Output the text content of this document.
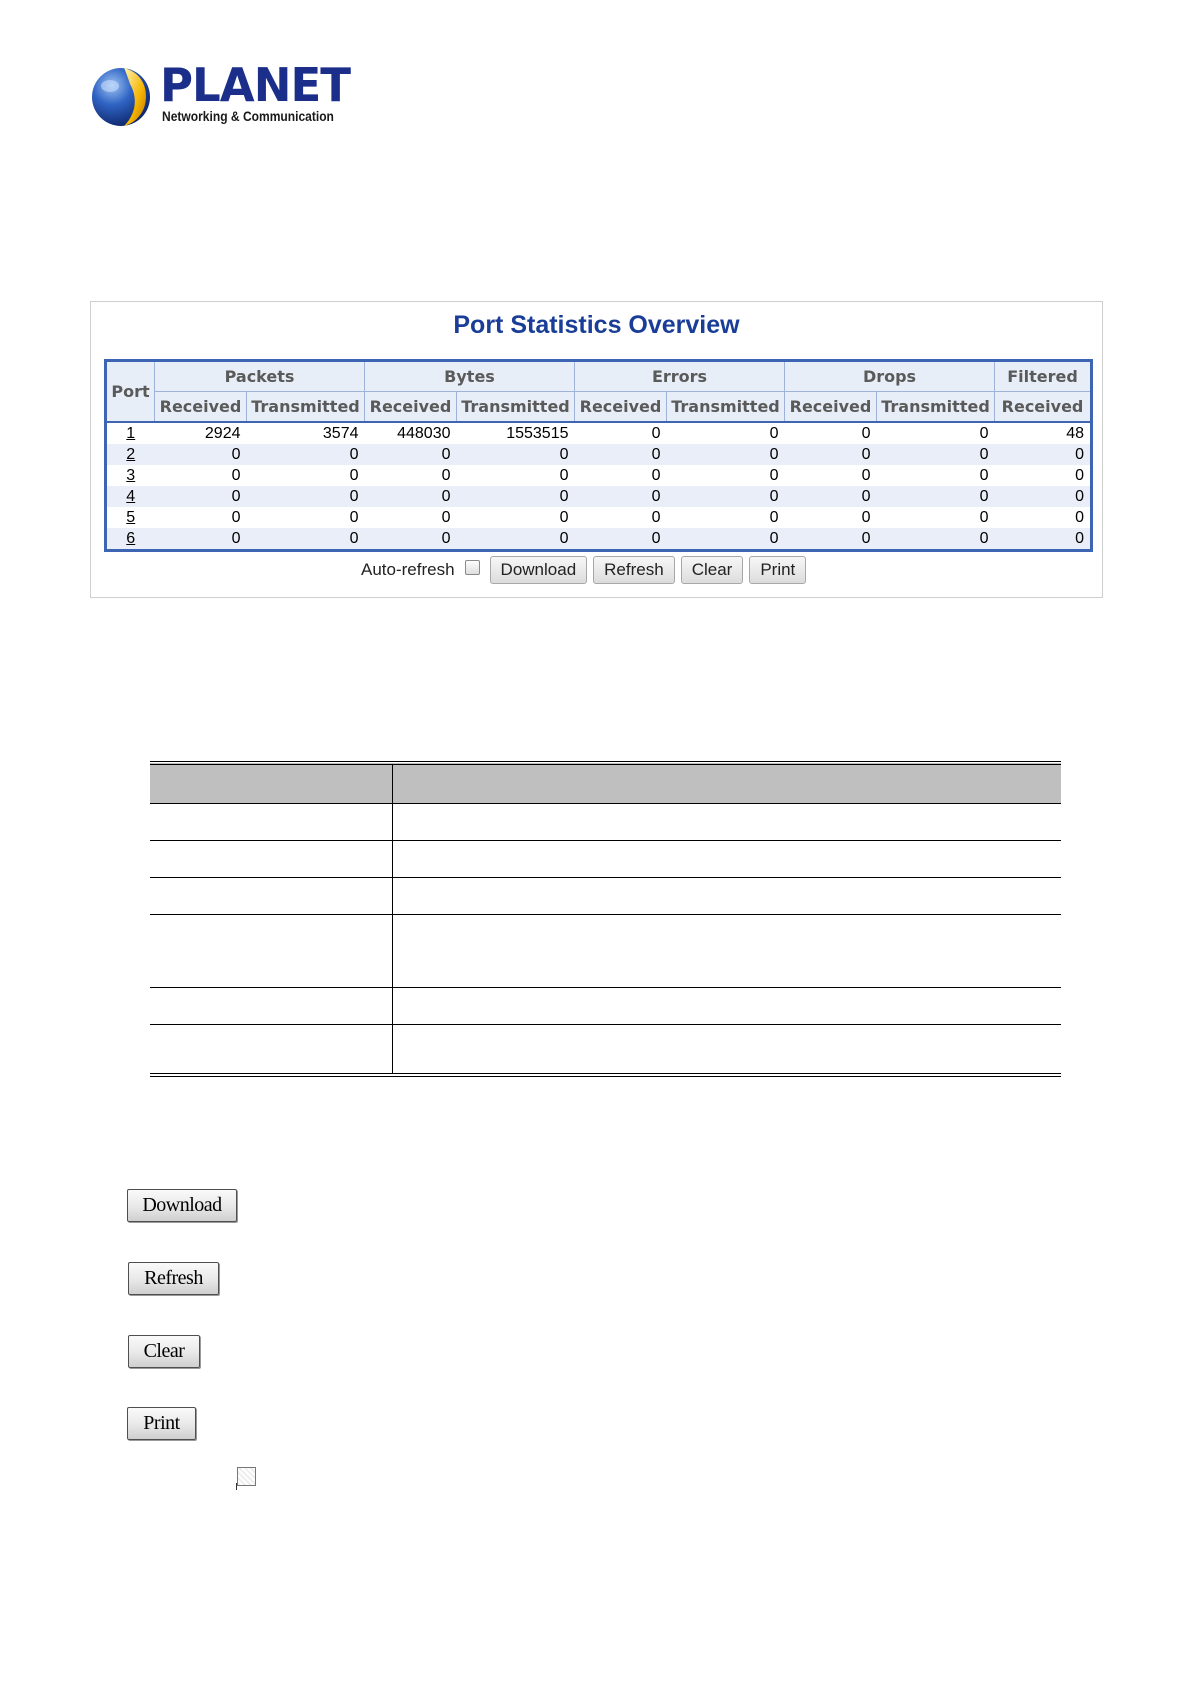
PLANET
Networking & Communication
Port Statistics Overview
Port	Packets		Bytes		Errors		Drops		Filtered
	Received	Transmitted	Received	Transmitted	Received	Transmitted	Received	Transmitted	Received
1	2924	3574	448030	1553515	0	0	0	0	48
2	0	0	0	0	0	0	0	0	0
3	0	0	0	0	0	0	0	0	0
4	0	0	0	0	0	0	0	0	0
5	0	0	0	0	0	0	0	0	0
6	0	0	0	0	0	0	0	0	0
Auto-refresh	Download	Refresh	Clear	Print

Download
Refresh
Clear
Print
